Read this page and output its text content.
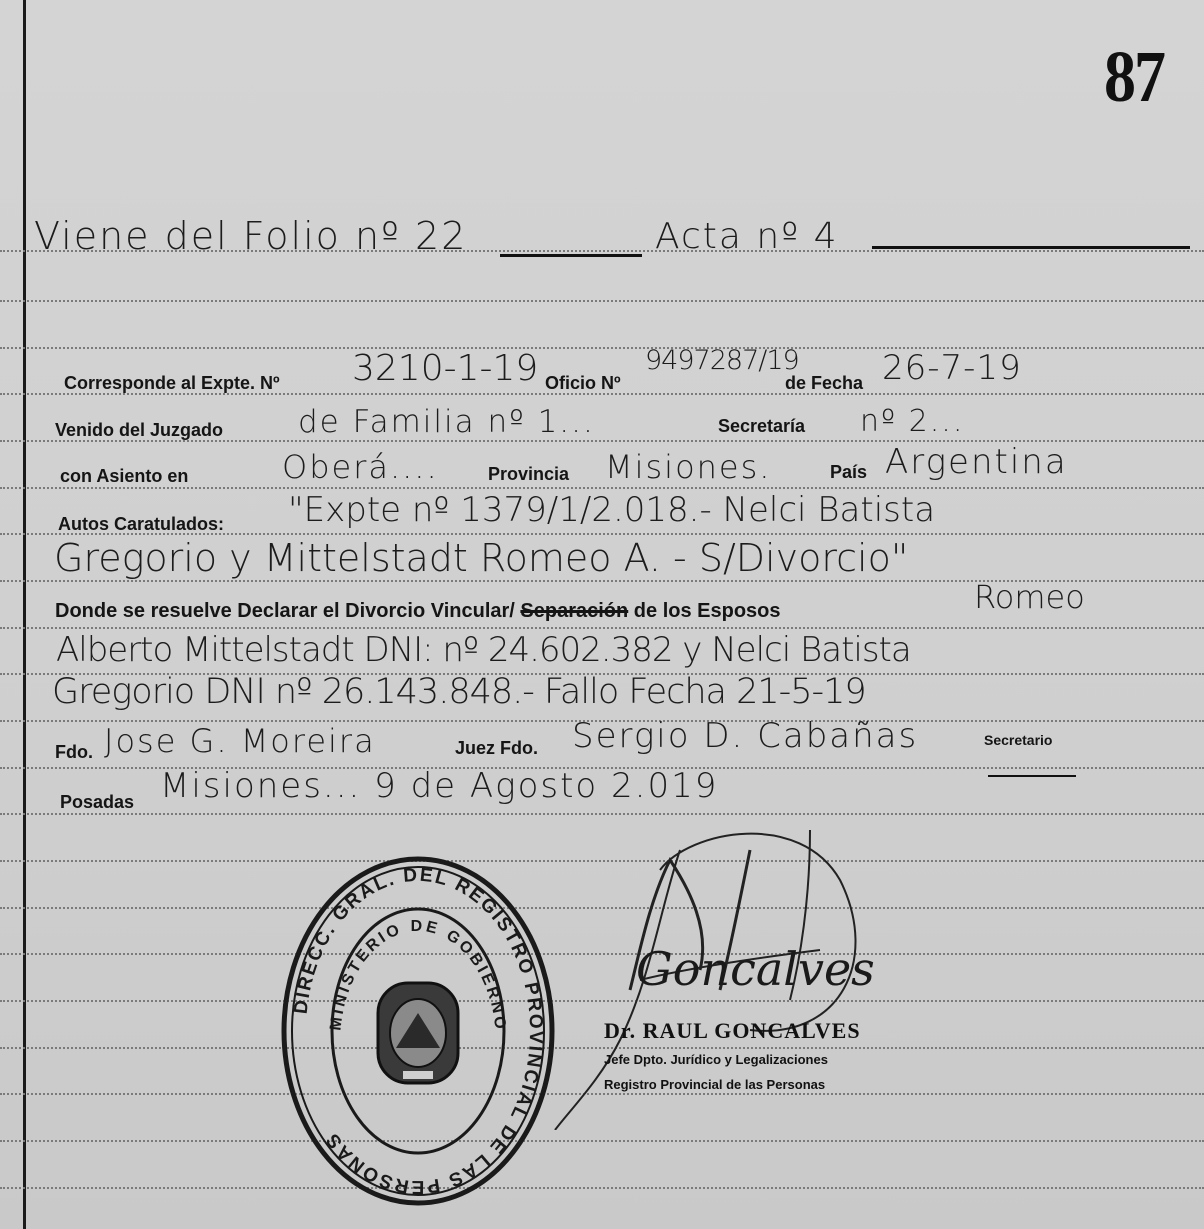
87
Viene del Folio nº 22	Acta nº 4
Corresponde al Expte. Nº 3210-1-19 Oficio Nº
9497287/19
de Fecha 26-7-19
Venido del Juzgado de Familia nº 1...	Secretaría nº 2...
con Asiento en	Oberá....	Provincia Misiones.	País Argentina
Autos Caratulados: "Expte nº 1379/1/2.018.- Nelci Batista
Gregorio y Mittelstadt Romeo A. - S/Divorcio"
Donde se resuelve Declarar el Divorcio Vincular/ Separación de los Esposos	Romeo
Alberto Mittelstadt DNI: nº 24.602.382 y Nelci Batista
Gregorio DNI nº 26.143.848.- Fallo Fecha 21-5-19
Fdo. Jose G. Moreira	Juez Fdo. Sergio D. Cabañas	Secretario
Posadas Misiones... 9 de Agosto 2.019
DIRECC. GRAL. DEL REGISTRO PROVINCIAL DE LAS PERSONAS
MINISTERIO DE GOBIERNO
Goncalves
Dr. RAUL GONCALVES
Jefe Dpto. Jurídico y Legalizaciones
Registro Provincial de las Personas
